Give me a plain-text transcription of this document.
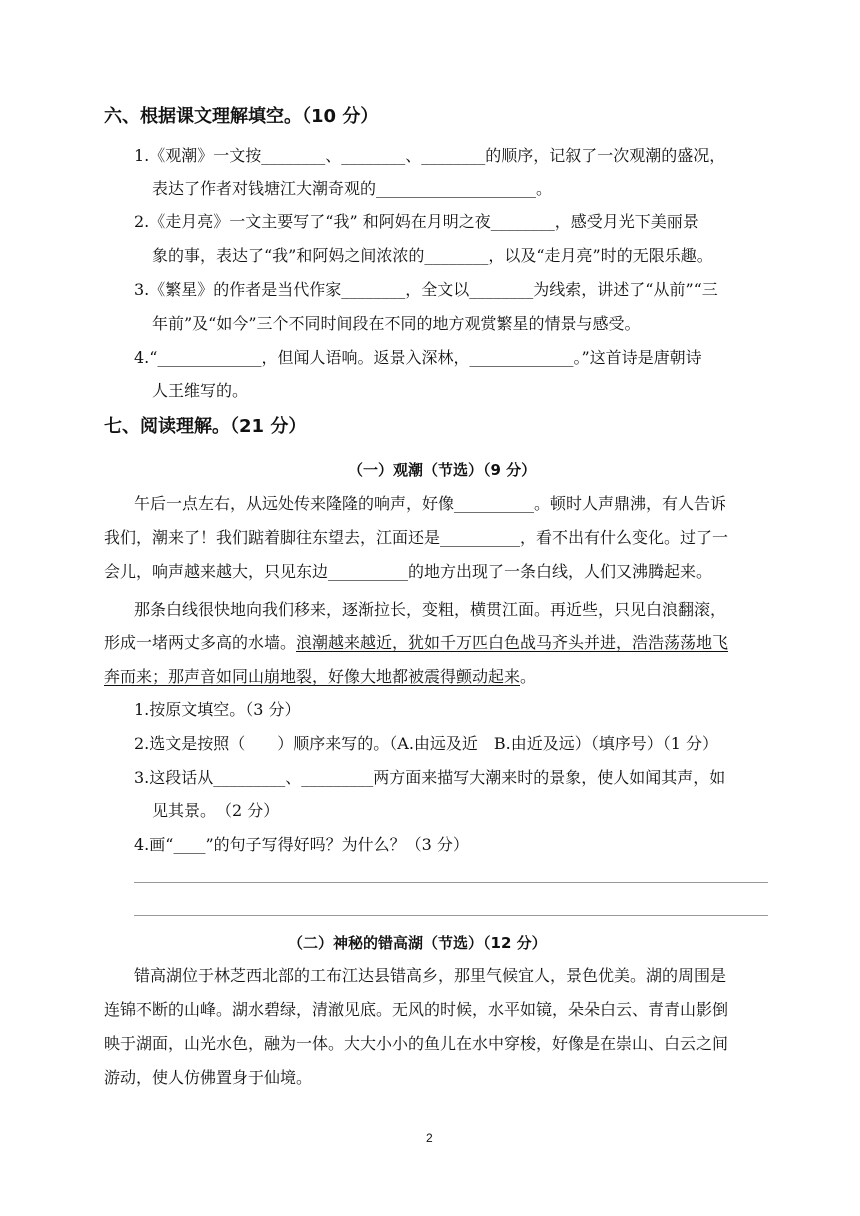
六、根据课文理解填空。（10 分）
1.《观潮》一文按________、________、________的顺序，记叙了一次观潮的盛况，
表达了作者对钱塘江大潮奇观的____________________。
2.《走月亮》一文主要写了“我” 和阿妈在月明之夜________，感受月光下美丽景
象的事，表达了“我”和阿妈之间浓浓的________，以及“走月亮”时的无限乐趣。
3.《繁星》的作者是当代作家________，全文以________为线索，讲述了“从前”“三
年前”及“如今”三个不同时间段在不同的地方观赏繁星的情景与感受。
4.“_____________，但闻人语响。返景入深林，_____________。”这首诗是唐朝诗
人王维写的。
七、阅读理解。（21 分）
（一）观潮（节选）（9 分）
午后一点左右，从远处传来隆隆的响声，好像__________。顿时人声鼎沸，有人告诉
我们，潮来了！我们踮着脚往东望去，江面还是__________，看不出有什么变化。过了一
会儿，响声越来越大，只见东边__________的地方出现了一条白线，人们又沸腾起来。
那条白线很快地向我们移来，逐渐拉长，变粗，横贯江面。再近些，只见白浪翻滚，
形成一堵两丈多高的水墙。浪潮越来越近，犹如千万匹白色战马齐头并进，浩浩荡荡地飞
奔而来；那声音如同山崩地裂，好像大地都被震得颤动起来。
1.按原文填空。（3 分）
2.选文是按照（　　）顺序来写的。（A.由远及近　B.由近及远）（填序号）（1 分）
3.这段话从_________、_________两方面来描写大潮来时的景象，使人如闻其声，如
见其景。　（2 分）
4.画“____”的句子写得好吗？为什么？（3 分）
（二）神秘的错高湖（节选）（12 分）
错高湖位于林芝西北部的工布江达县错高乡，那里气候宜人，景色优美。湖的周围是
连锦不断的山峰。湖水碧绿，清澈见底。无风的时候，水平如镜，朵朵白云、青青山影倒
映于湖面，山光水色，融为一体。大大小小的鱼儿在水中穿梭，好像是在崇山、白云之间
游动，使人仿佛置身于仙境。
2
